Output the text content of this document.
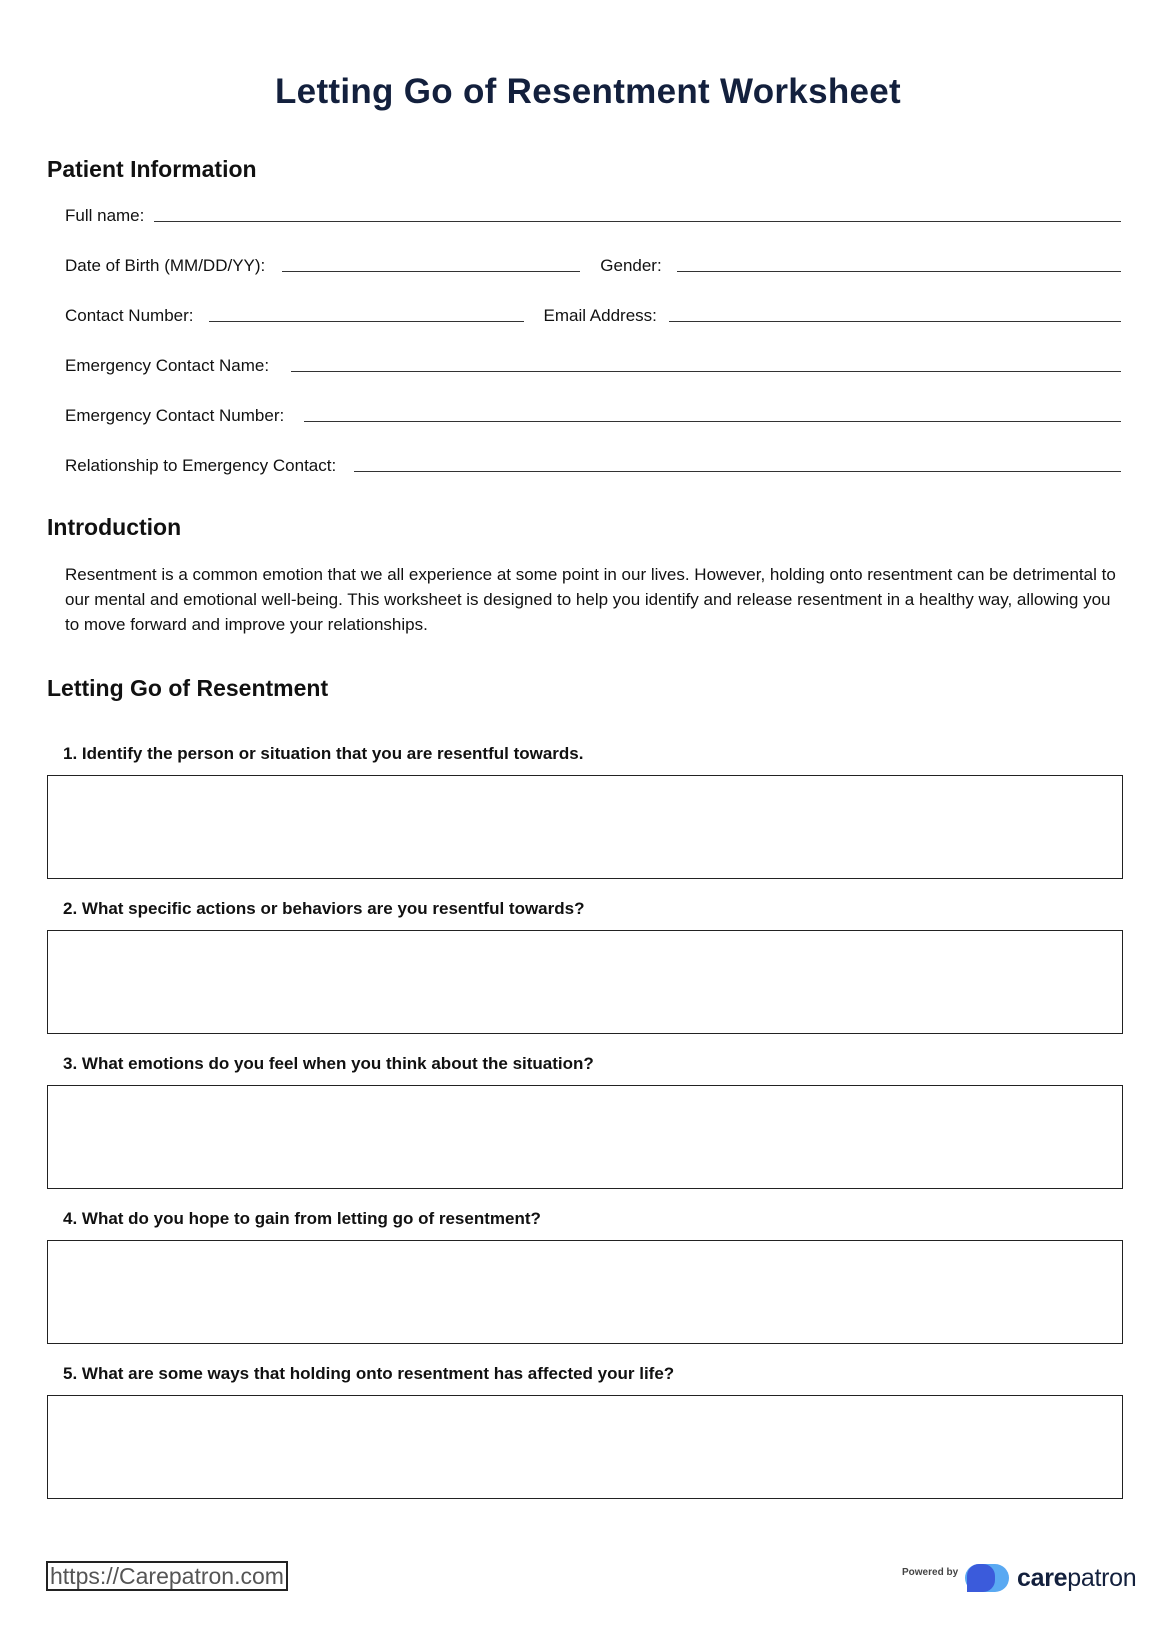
Letting Go of Resentment Worksheet
Patient Information
Full name:
Date of Birth (MM/DD/YY):	Gender:
Contact Number:	Email Address:
Emergency Contact Name:
Emergency Contact Number:
Relationship to Emergency Contact:
Introduction

Resentment is a common emotion that we all experience at some point in our lives. However, holding onto resentment can be detrimental to our mental and emotional well-being. This worksheet is designed to help you identify and release resentment in a healthy way, allowing you to move forward and improve your relationships.

Letting Go of Resentment

1. Identify the person or situation that you are resentful towards.

2. What specific actions or behaviors are you resentful towards?

3. What emotions do you feel when you think about the situation?

4. What do you hope to gain from letting go of resentment?

5. What are some ways that holding onto resentment has affected your life?

https://Carepatron.com	Powered by carepatron
